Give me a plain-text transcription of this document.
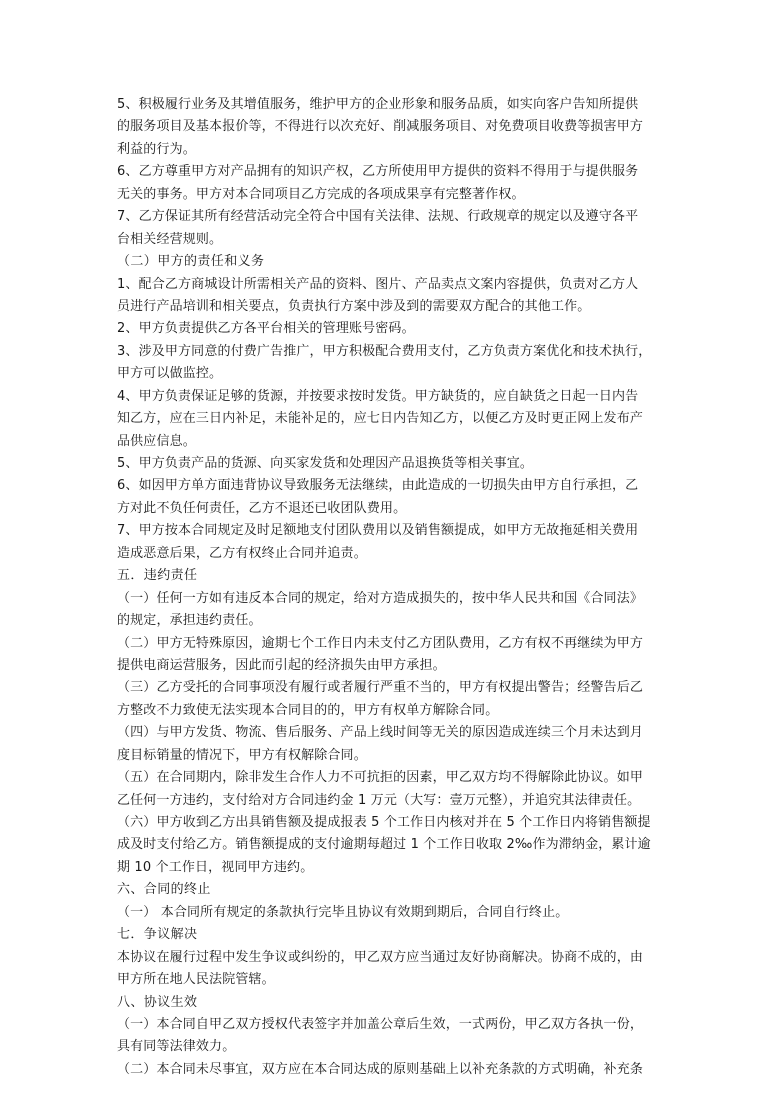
5、积极履行业务及其增值服务，维护甲方的企业形象和服务品质，如实向客户告知所提供
的服务项目及基本报价等，不得进行以次充好、削减服务项目、对免费项目收费等损害甲方
利益的行为。
6、乙方尊重甲方对产品拥有的知识产权，乙方所使用甲方提供的资料不得用于与提供服务
无关的事务。甲方对本合同项目乙方完成的各项成果享有完整著作权。
7、乙方保证其所有经营活动完全符合中国有关法律、法规、行政规章的规定以及遵守各平
台相关经营规则。
（二）甲方的责任和义务
1、配合乙方商城设计所需相关产品的资料、图片、产品卖点文案内容提供，负责对乙方人
员进行产品培训和相关要点，负责执行方案中涉及到的需要双方配合的其他工作。
2、甲方负责提供乙方各平台相关的管理账号密码。
3、涉及甲方同意的付费广告推广，甲方积极配合费用支付，乙方负责方案优化和技术执行，
甲方可以做监控。
4、甲方负责保证足够的货源，并按要求按时发货。甲方缺货的，应自缺货之日起一日内告
知乙方，应在三日内补足，未能补足的，应七日内告知乙方，以便乙方及时更正网上发布产
品供应信息。
5、甲方负责产品的货源、向买家发货和处理因产品退换货等相关事宜。
6、如因甲方单方面违背协议导致服务无法继续，由此造成的一切损失由甲方自行承担，乙
方对此不负任何责任，乙方不退还已收团队费用。
7、甲方按本合同规定及时足额地支付团队费用以及销售额提成，如甲方无故拖延相关费用
造成恶意后果，乙方有权终止合同并追责。
五．违约责任
（一）任何一方如有违反本合同的规定，给对方造成损失的，按中华人民共和国《合同法》
的规定，承担违约责任。
（二）甲方无特殊原因，逾期七个工作日内未支付乙方团队费用，乙方有权不再继续为甲方
提供电商运营服务，因此而引起的经济损失由甲方承担。
（三）乙方受托的合同事项没有履行或者履行严重不当的，甲方有权提出警告；经警告后乙
方整改不力致使无法实现本合同目的的，甲方有权单方解除合同。
（四）与甲方发货、物流、售后服务、产品上线时间等无关的原因造成连续三个月未达到月
度目标销量的情况下，甲方有权解除合同。
（五）在合同期内，除非发生合作人力不可抗拒的因素，甲乙双方均不得解除此协议。如甲
乙任何一方违约，支付给对方合同违约金 1 万元（大写：壹万元整），并追究其法律责任。
（六）甲方收到乙方出具销售额及提成报表 5 个工作日内核对并在 5 个工作日内将销售额提
成及时支付给乙方。销售额提成的支付逾期每超过 1 个工作日收取 2‰作为滞纳金，累计逾
期 10 个工作日，视同甲方违约。
六、合同的终止
（一） 本合同所有规定的条款执行完毕且协议有效期到期后，合同自行终止。
七．争议解决
本协议在履行过程中发生争议或纠纷的，甲乙双方应当通过友好协商解决。协商不成的，由
甲方所在地人民法院管辖。
八、协议生效
（一）本合同自甲乙双方授权代表签字并加盖公章后生效，一式两份，甲乙双方各执一份，
具有同等法律效力。
（二）本合同未尽事宜，双方应在本合同达成的原则基础上以补充条款的方式明确，补充条
